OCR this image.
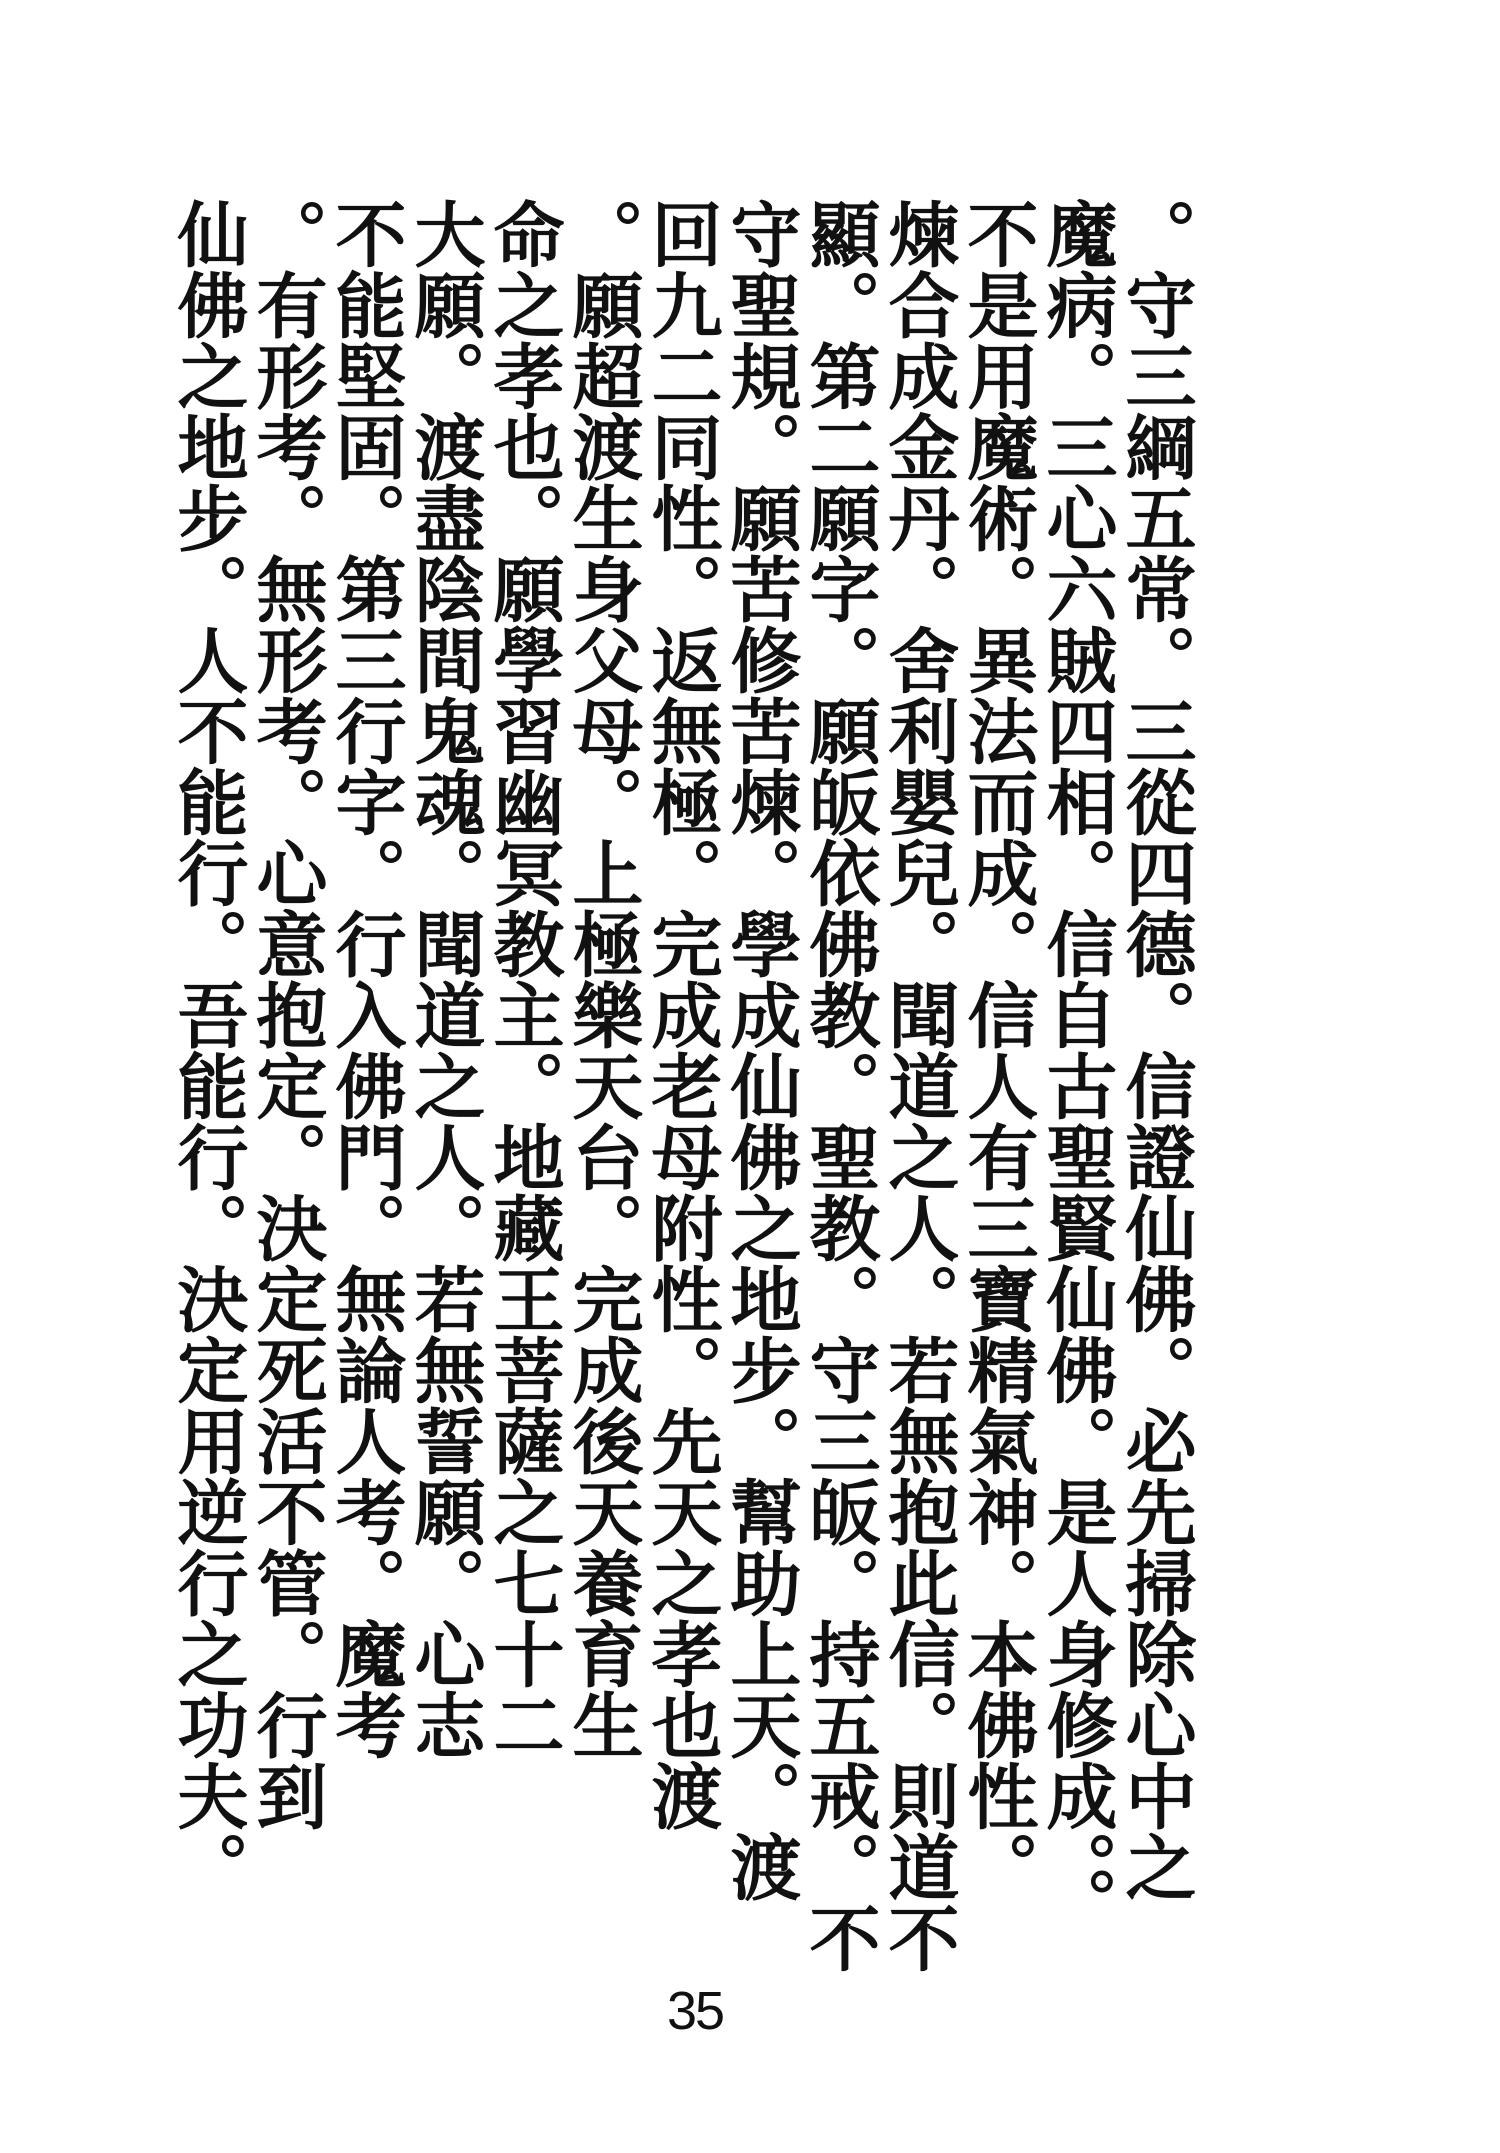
。守三綱五常。三從四德。信證仙佛。必先掃除心中之
魔病。三心六賊四相。信自古聖賢仙佛。是人身修成。。
不是用魔術。異法而成。信人有三寶精氣神。本佛性。
煉合成金丹。舍利嬰兒。聞道之人。若無抱此信。則道不
顯。第二願字。願皈依佛教。聖教。守三皈。持五戒。不
守聖規。願苦修苦煉。學成仙佛之地步。幫助上天。渡
回九二同性。返無極。完成老母附性。先天之孝也渡
。願超渡生身父母。上極樂天台。完成後天養育生
命之孝也。願學習幽冥教主。地藏王菩薩之七十二
大願。渡盡陰間鬼魂。聞道之人。若無誓願。心志
不能堅固。第三行字。行入佛門。無論人考。魔考
。有形考。無形考。心意抱定。決定死活不管。行到
仙佛之地步。人不能行。吾能行。決定用逆行之功夫。
35
